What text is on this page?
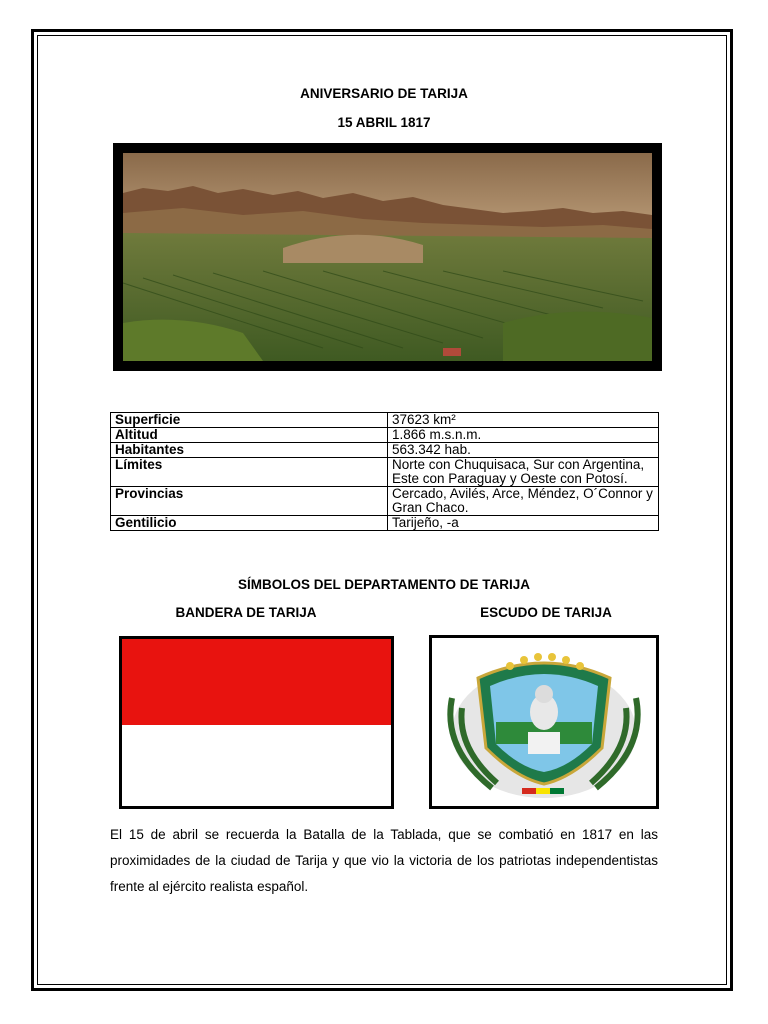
ANIVERSARIO DE TARIJA
15 ABRIL 1817
Superficie	37623 km²
Altitud	1.866 m.s.n.m.
Habitantes	563.342 hab.
Límites	Norte con Chuquisaca, Sur con Argentina, Este con Paraguay y Oeste con Potosí.
Provincias	Cercado, Avilés, Arce, Méndez, O´Connor y Gran Chaco.
Gentilicio	Tarijeño, -a
SÍMBOLOS DEL DEPARTAMENTO DE TARIJA
BANDERA DE TARIJA	ESCUDO DE TARIJA
El 15 de abril se recuerda la Batalla de la Tablada, que se combatió en 1817 en las proximidades de la ciudad de Tarija y que vio la victoria de los patriotas independentistas frente al ejército realista español.
